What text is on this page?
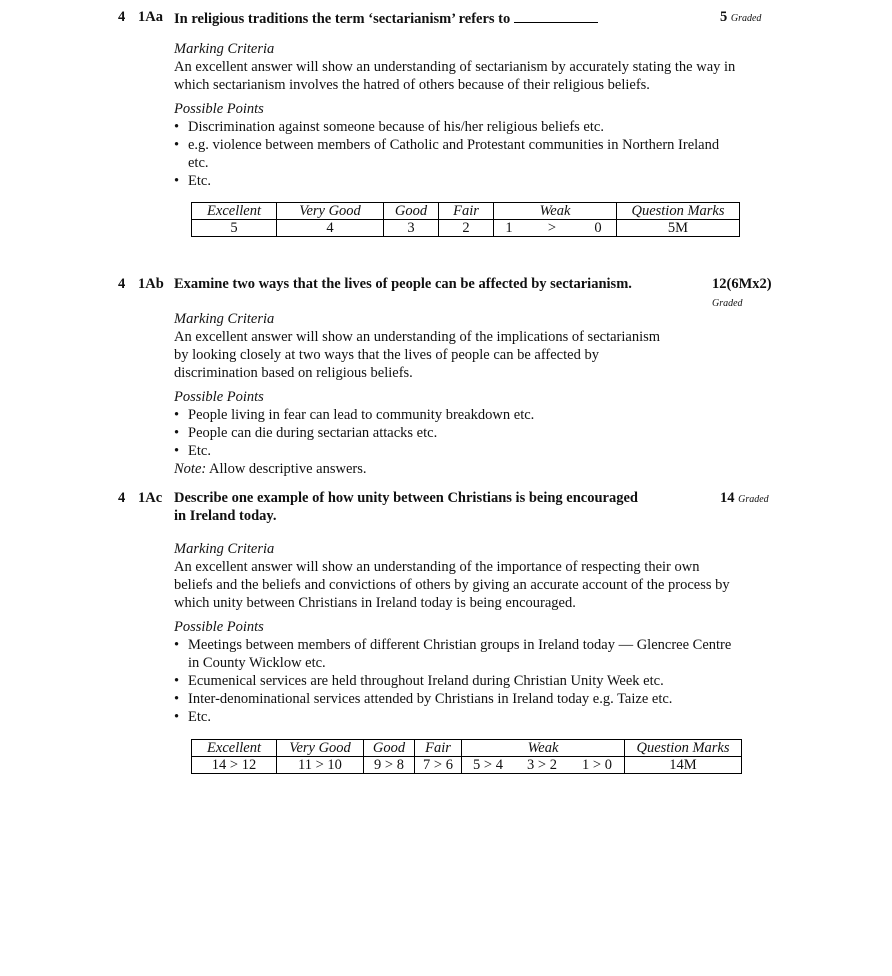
4 1Aa In religious traditions the term ‘sectarianism’ refers to	5 Graded
Marking Criteria
An excellent answer will show an understanding of sectarianism by accurately stating the way in
which sectarianism involves the hatred of others because of their religious beliefs.
Possible Points
• Discrimination against someone because of his/her religious beliefs etc.
• e.g. violence between members of Catholic and Protestant communities in Northern Ireland
etc.
• Etc.
Excellent	Very Good	Good	Fair	Weak			Question Marks
5	4	3	2	1	>	0	5M
4 1Ab Examine two ways that the lives of people can be affected by sectarianism.	12(6Mx2)
Graded
Marking Criteria
An excellent answer will show an understanding of the implications of sectarianism
by looking closely at two ways that the lives of people can be affected by
discrimination based on religious beliefs.
Possible Points
• People living in fear can lead to community breakdown etc.
• People can die during sectarian attacks etc.
• Etc.
Note: Allow descriptive answers.
4 1Ac Describe one example of how unity between Christians is being encouraged
in Ireland today.
14 Graded
Marking Criteria
An excellent answer will show an understanding of the importance of respecting their own
beliefs and the beliefs and convictions of others by giving an accurate account of the process by
which unity between Christians in Ireland today is being encouraged.
Possible Points
• Meetings between members of different Christian groups in Ireland today — Glencree Centre
in County Wicklow etc.
• Ecumenical services are held throughout Ireland during Christian Unity Week etc.
• Inter-denominational services attended by Christians in Ireland today e.g. Taize etc.
• Etc.
Excellent	Very Good	Good	Fair	Weak			Question Marks
14 > 12	11 > 10	9 > 8	7 > 6	5 > 4	3 > 2	1 > 0	14M
